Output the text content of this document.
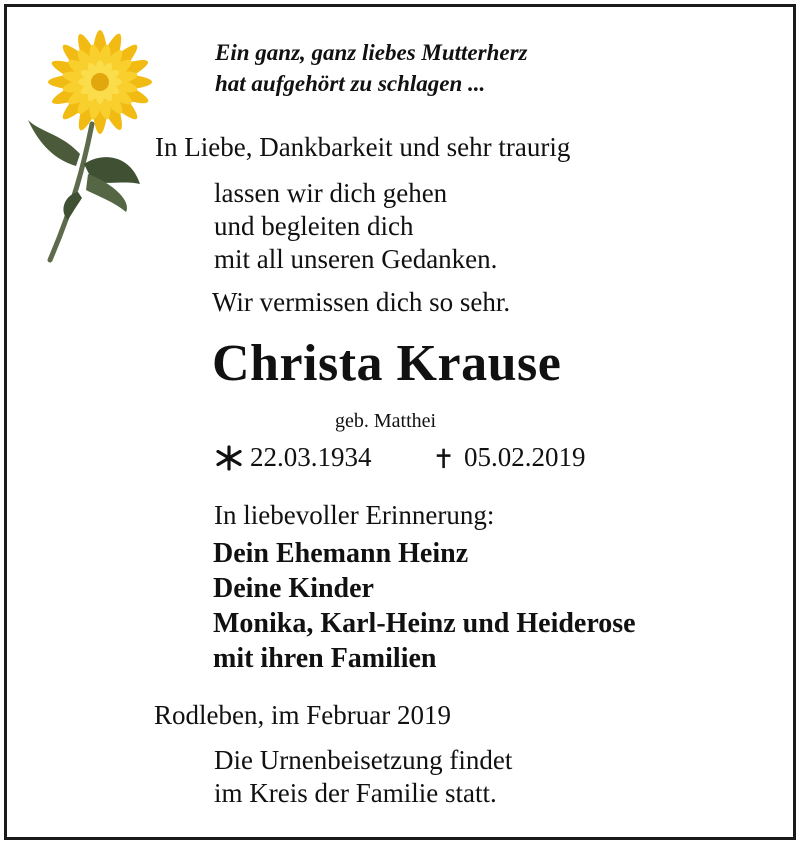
Ein ganz, ganz liebes Mutterherz

hat aufgehört zu schlagen ...

In Liebe, Dankbarkeit und sehr traurig

lassen wir dich gehen

und begleiten dich

mit all unseren Gedanken.

Wir vermissen dich so sehr.

Christa Krause

geb. Matthei

22.03.1934	05.02.2019

In liebevoller Erinnerung:

Dein Ehemann Heinz

Deine Kinder

Monika, Karl-Heinz und Heiderose

mit ihren Familien

Rodleben, im Februar 2019

Die Urnenbeisetzung findet

im Kreis der Familie statt.
